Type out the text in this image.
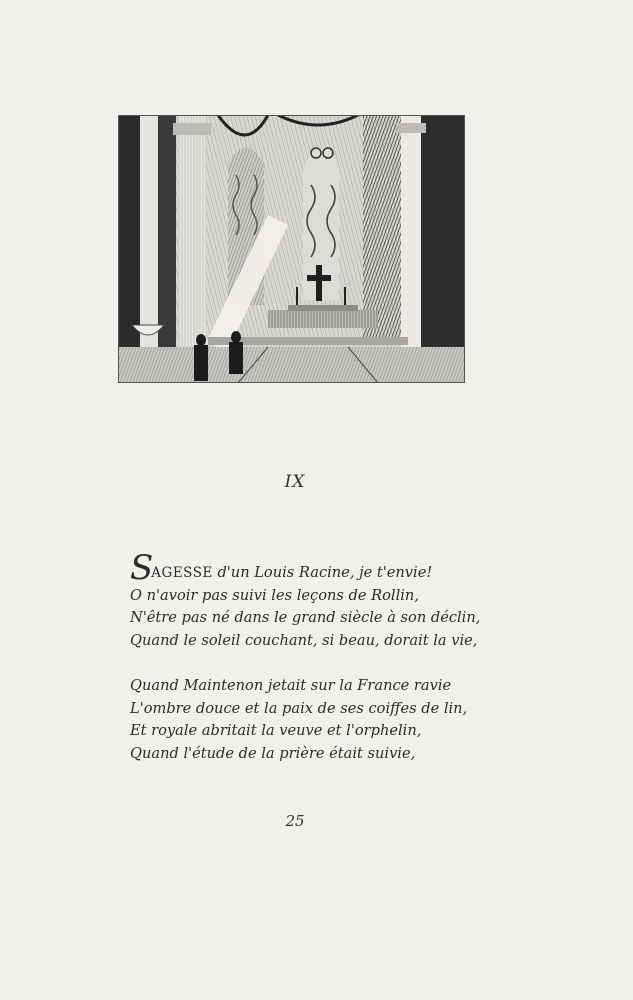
IX

SAGESSE d'un Louis Racine, je t'envie!
O n'avoir pas suivi les leçons de Rollin,
N'être pas né dans le grand siècle à son déclin,
Quand le soleil couchant, si beau, dorait la vie,

Quand Maintenon jetait sur la France ravie
L'ombre douce et la paix de ses coiffes de lin,
Et royale abritait la veuve et l'orphelin,
Quand l'étude de la prière était suivie,

25
